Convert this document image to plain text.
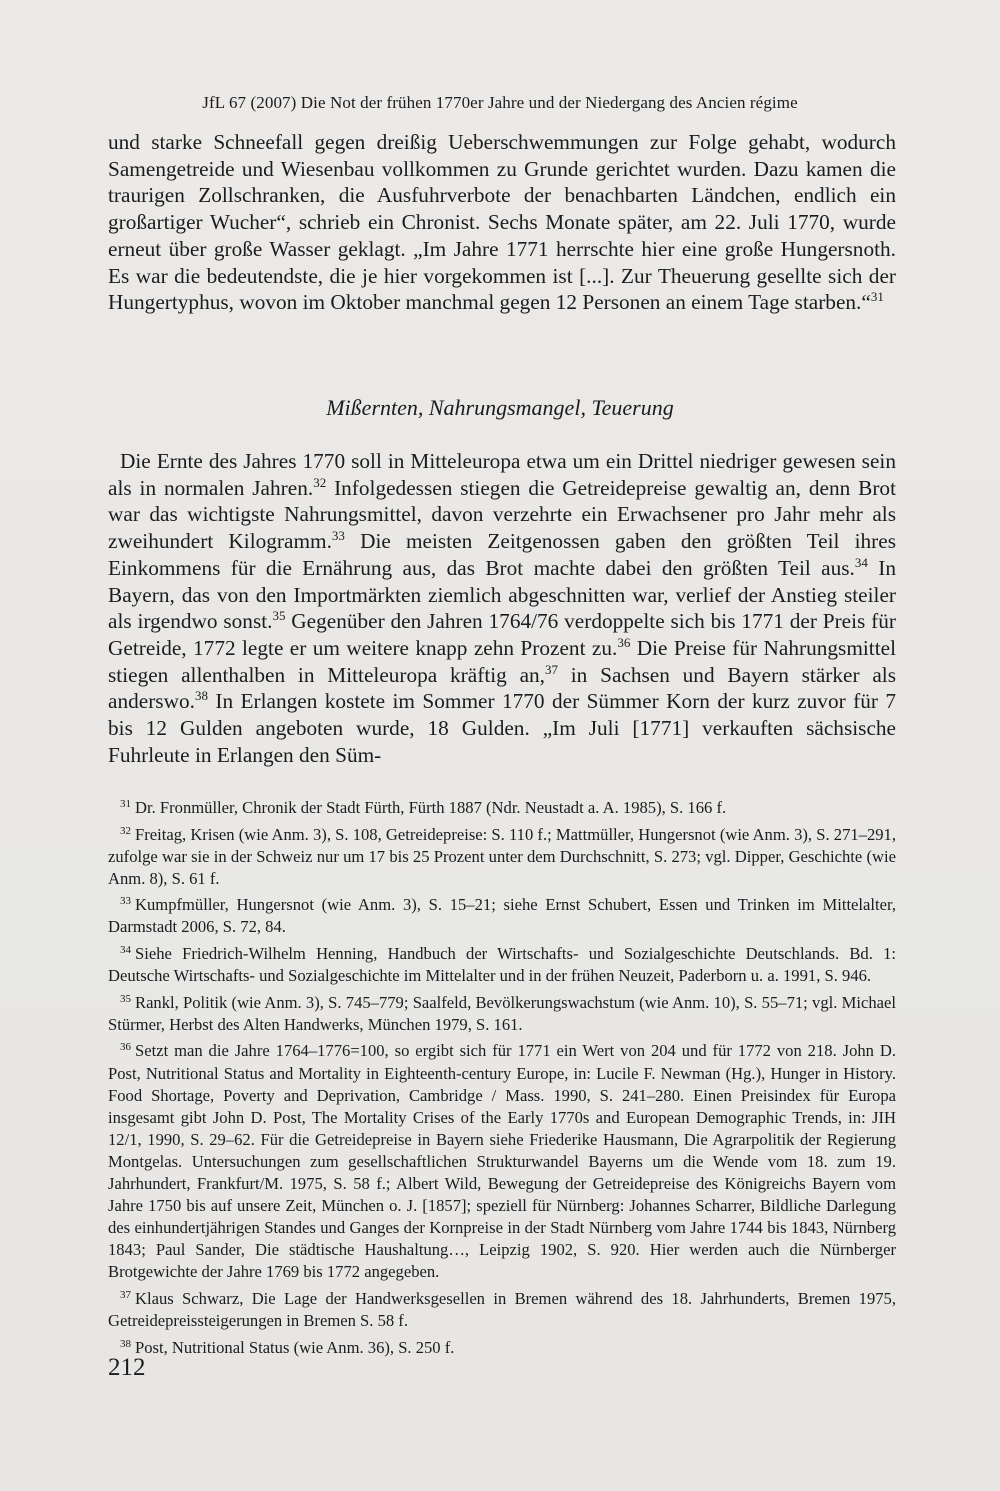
JfL 67 (2007) Die Not der frühen 1770er Jahre und der Niedergang des Ancien régime

und starke Schneefall gegen dreißig Ueberschwemmungen zur Folge gehabt, wodurch Samengetreide und Wiesenbau vollkommen zu Grunde gerichtet wurden. Dazu kamen die traurigen Zollschranken, die Ausfuhrverbote der benachbarten Ländchen, endlich ein großartiger Wucher“, schrieb ein Chronist. Sechs Monate später, am 22. Juli 1770, wurde erneut über große Wasser geklagt. „Im Jahre 1771 herrschte hier eine große Hungersnoth. Es war die bedeutendste, die je hier vorgekommen ist [...]. Zur Theuerung gesellte sich der Hungertyphus, wovon im Oktober manchmal gegen 12 Personen an einem Tage starben.“$^{31}$

Mißernten, Nahrungsmangel, Teuerung

Die Ernte des Jahres 1770 soll in Mitteleuropa etwa um ein Drittel niedriger gewesen sein als in normalen Jahren.$^{32}$ Infolgedessen stiegen die Getreidepreise gewaltig an, denn Brot war das wichtigste Nahrungsmittel, davon verzehrte ein Erwachsener pro Jahr mehr als zweihundert Kilogramm.$^{33}$ Die meisten Zeitgenossen gaben den größten Teil ihres Einkommens für die Ernährung aus, das Brot machte dabei den größten Teil aus.$^{34}$ In Bayern, das von den Importmärkten ziemlich abgeschnitten war, verlief der Anstieg steiler als irgendwo sonst.$^{35}$ Gegenüber den Jahren 1764/76 verdoppelte sich bis 1771 der Preis für Getreide, 1772 legte er um weitere knapp zehn Prozent zu.$^{36}$ Die Preise für Nahrungsmittel stiegen allenthalben in Mitteleuropa kräftig an,$^{37}$ in Sachsen und Bayern stärker als anderswo.$^{38}$ In Erlangen kostete im Sommer 1770 der Sümmer Korn der kurz zuvor für 7 bis 12 Gulden angeboten wurde, 18 Gulden. „Im Juli [1771] verkauften sächsische Fuhrleute in Erlangen den Süm-

$^{31}$ Dr. Fronmüller, Chronik der Stadt Fürth, Fürth 1887 (Ndr. Neustadt a. A. 1985), S. 166 f.

$^{32}$ Freitag, Krisen (wie Anm. 3), S. 108, Getreidepreise: S. 110 f.; Mattmüller, Hungersnot (wie Anm. 3), S. 271–291, zufolge war sie in der Schweiz nur um 17 bis 25 Prozent unter dem Durchschnitt, S. 273; vgl. Dipper, Geschichte (wie Anm. 8), S. 61 f.

$^{33}$ Kumpfmüller, Hungersnot (wie Anm. 3), S. 15–21; siehe Ernst Schubert, Essen und Trinken im Mittelalter, Darmstadt 2006, S. 72, 84.

$^{34}$ Siehe Friedrich-Wilhelm Henning, Handbuch der Wirtschafts- und Sozialgeschichte Deutschlands. Bd. 1: Deutsche Wirtschafts- und Sozialgeschichte im Mittelalter und in der frühen Neuzeit, Paderborn u. a. 1991, S. 946.

$^{35}$ Rankl, Politik (wie Anm. 3), S. 745–779; Saalfeld, Bevölkerungswachstum (wie Anm. 10), S. 55–71; vgl. Michael Stürmer, Herbst des Alten Handwerks, München 1979, S. 161.

$^{36}$ Setzt man die Jahre 1764–1776=100, so ergibt sich für 1771 ein Wert von 204 und für 1772 von 218. John D. Post, Nutritional Status and Mortality in Eighteenth-century Europe, in: Lucile F. Newman (Hg.), Hunger in History. Food Shortage, Poverty and Deprivation, Cambridge / Mass. 1990, S. 241–280. Einen Preisindex für Europa insgesamt gibt John D. Post, The Mortality Crises of the Early 1770s and European Demographic Trends, in: JIH 12/1, 1990, S. 29–62. Für die Getreidepreise in Bayern siehe Friederike Hausmann, Die Agrarpolitik der Regierung Montgelas. Untersuchungen zum gesellschaftlichen Strukturwandel Bayerns um die Wende vom 18. zum 19. Jahrhundert, Frankfurt/M. 1975, S. 58 f.; Albert Wild, Bewegung der Getreidepreise des Königreichs Bayern vom Jahre 1750 bis auf unsere Zeit, München o. J. [1857]; speziell für Nürnberg: Johannes Scharrer, Bildliche Darlegung des einhundertjährigen Standes und Ganges der Kornpreise in der Stadt Nürnberg vom Jahre 1744 bis 1843, Nürnberg 1843; Paul Sander, Die städtische Haushaltung…, Leipzig 1902, S. 920. Hier werden auch die Nürnberger Brotgewichte der Jahre 1769 bis 1772 angegeben.

$^{37}$ Klaus Schwarz, Die Lage der Handwerksgesellen in Bremen während des 18. Jahrhunderts, Bremen 1975, Getreidepreissteigerungen in Bremen S. 58 f.

$^{38}$ Post, Nutritional Status (wie Anm. 36), S. 250 f.

212
